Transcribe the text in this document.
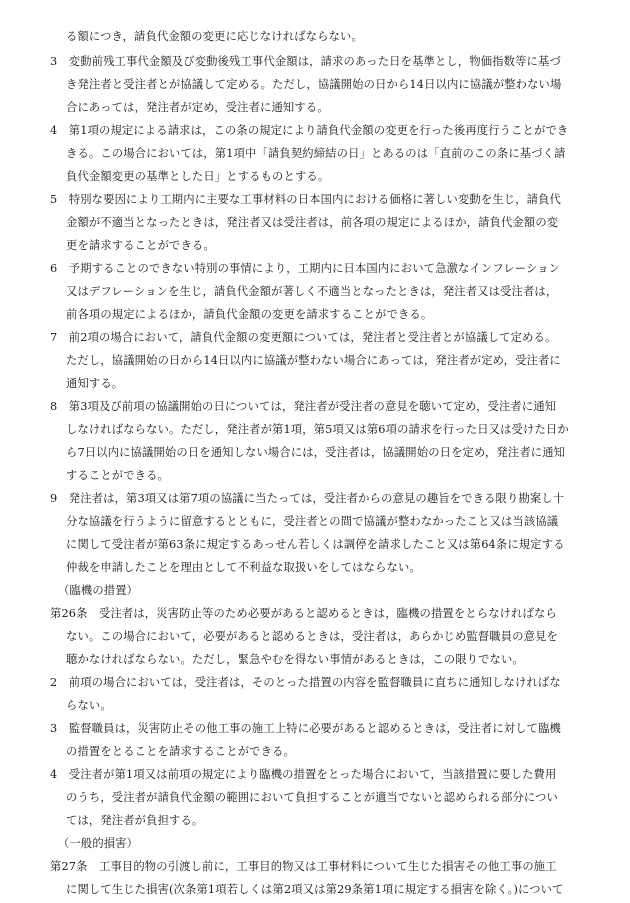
る額につき，請負代金額の変更に応じなければならない。
3　変動前残工事代金額及び変動後残工事代金額は，請求のあった日を基準とし，物価指数等に基づ
き発注者と受注者とが協議して定める。ただし，協議開始の日から14日以内に協議が整わない場
合にあっては，発注者が定め，受注者に通知する。
4　第1項の規定による請求は，この条の規定により請負代金額の変更を行った後再度行うことができ
きる。この場合においては，第1項中「請負契約締結の日」とあるのは「直前のこの条に基づく請
負代金額変更の基準とした日」とするものとする。
5　特別な要因により工期内に主要な工事材料の日本国内における価格に著しい変動を生じ，請負代
金額が不適当となったときは，発注者又は受注者は，前各項の規定によるほか，請負代金額の変
更を請求することができる。
6　予期することのできない特別の事情により，工期内に日本国内において急激なインフレーション
又はデフレーションを生じ，請負代金額が著しく不適当となったときは，発注者又は受注者は，
前各項の規定によるほか，請負代金額の変更を請求することができる。
7　前2項の場合において，請負代金額の変更額については，発注者と受注者とが協議して定める。
ただし，協議開始の日から14日以内に協議が整わない場合にあっては，発注者が定め，受注者に
通知する。
8　第3項及び前項の協議開始の日については，発注者が受注者の意見を聴いて定め，受注者に通知
しなければならない。ただし，発注者が第1項，第5項又は第6項の請求を行った日又は受けた日か
ら7日以内に協議開始の日を通知しない場合には，受注者は，協議開始の日を定め，発注者に通知
することができる。
9　発注者は，第3項又は第7項の協議に当たっては，受注者からの意見の趣旨をできる限り勘案し十
分な協議を行うように留意するとともに，受注者との間で協議が整わなかったこと又は当該協議
に関して受注者が第63条に規定するあっせん若しくは調停を請求したこと又は第64条に規定する
仲裁を申請したことを理由として不利益な取扱いをしてはならない。
（臨機の措置）
第26条　受注者は，災害防止等のため必要があると認めるときは，臨機の措置をとらなければなら
ない。この場合において，必要があると認めるときは，受注者は，あらかじめ監督職員の意見を
聴かなければならない。ただし，緊急やむを得ない事情があるときは，この限りでない。
2　前項の場合においては，受注者は，そのとった措置の内容を監督職員に直ちに通知しなければな
らない。
3　監督職員は，災害防止その他工事の施工上特に必要があると認めるときは，受注者に対して臨機
の措置をとることを請求することができる。
4　受注者が第1項又は前項の規定により臨機の措置をとった場合において，当該措置に要した費用
のうち，受注者が請負代金額の範囲において負担することが適当でないと認められる部分につい
ては，発注者が負担する。
（一般的損害）
第27条　工事目的物の引渡し前に，工事目的物又は工事材料について生じた損害その他工事の施工
に関して生じた損害(次条第1項若しくは第2項又は第29条第1項に規定する損害を除く。)について
